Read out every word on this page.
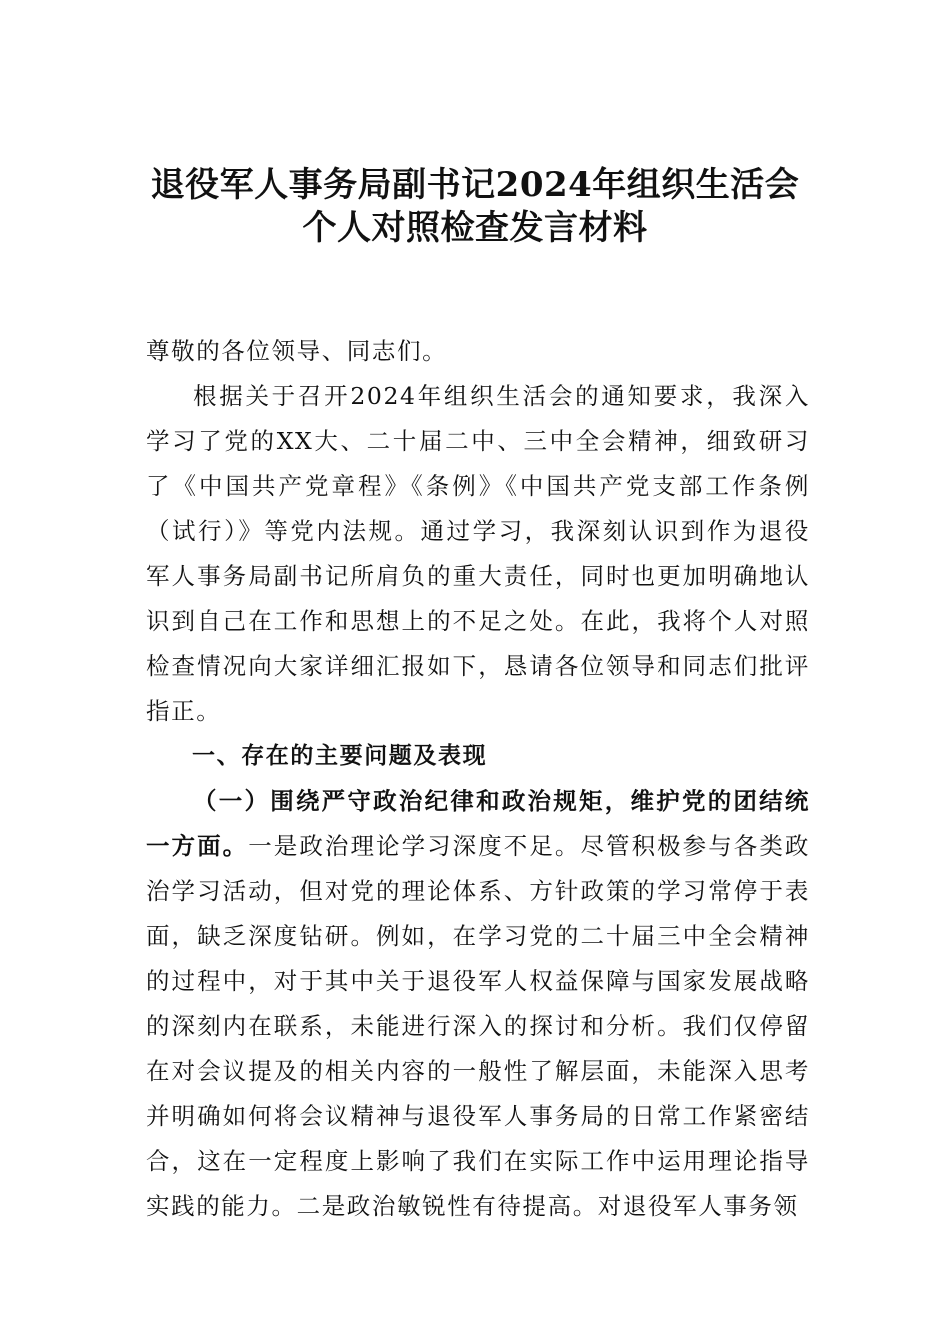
退役军人事务局副书记2024年组织生活会
个人对照检查发言材料

尊敬的各位领导、同志们。

根据关于召开2024年组织生活会的通知要求，我深入学习了党的XX大、二十届二中、三中全会精神，细致研习了《中国共产党章程》《条例》《中国共产党支部工作条例（试行）》等党内法规。通过学习，我深刻认识到作为退役军人事务局副书记所肩负的重大责任，同时也更加明确地认识到自己在工作和思想上的不足之处。在此，我将个人对照检查情况向大家详细汇报如下，恳请各位领导和同志们批评指正。

一、存在的主要问题及表现

（一）围绕严守政治纪律和政治规矩，维护党的团结统一方面。一是政治理论学习深度不足。尽管积极参与各类政治学习活动，但对党的理论体系、方针政策的学习常停于表面，缺乏深度钻研。例如，在学习党的二十届三中全会精神的过程中，对于其中关于退役军人权益保障与国家发展战略的深刻内在联系，未能进行深入的探讨和分析。我们仅停留在对会议提及的相关内容的一般性了解层面，未能深入思考并明确如何将会议精神与退役军人事务局的日常工作紧密结合，这在一定程度上影响了我们在实际工作中运用理论指导实践的能力。二是政治敏锐性有待提高。对退役军人事务领
